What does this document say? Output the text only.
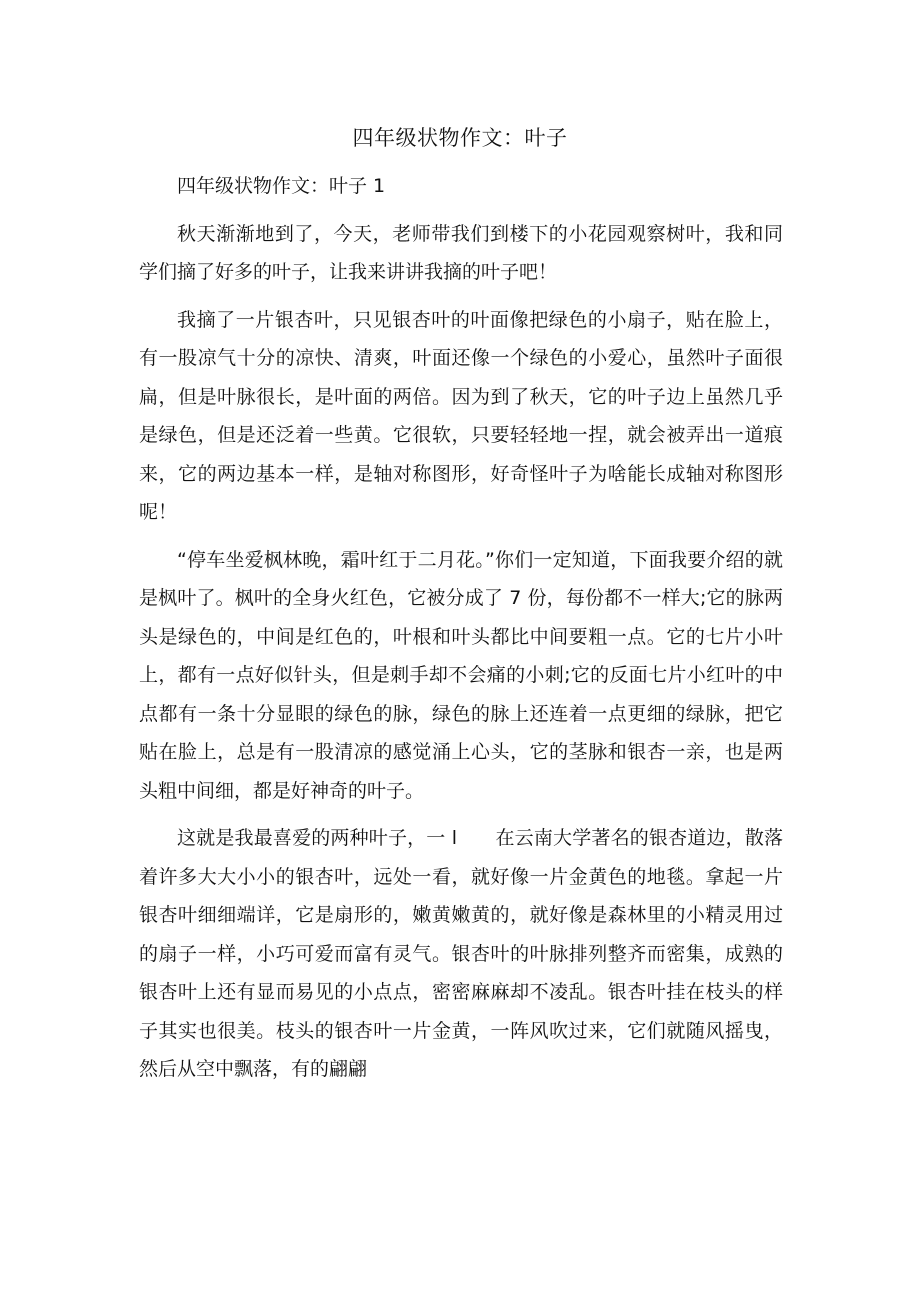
四年级状物作文：叶子

四年级状物作文：叶子 1

秋天渐渐地到了，今天，老师带我们到楼下的小花园观察树叶，我和同学们摘了好多的叶子，让我来讲讲我摘的叶子吧！

我摘了一片银杏叶，只见银杏叶的叶面像把绿色的小扇子，贴在脸上，有一股凉气十分的凉快、清爽，叶面还像一个绿色的小爱心，虽然叶子面很扁，但是叶脉很长，是叶面的两倍。因为到了秋天，它的叶子边上虽然几乎是绿色，但是还泛着一些黄。它很软，只要轻轻地一捏，就会被弄出一道痕来，它的两边基本一样，是轴对称图形，好奇怪叶子为啥能长成轴对称图形呢！

“停车坐爱枫林晚，霜叶红于二月花。”你们一定知道，下面我要介绍的就是枫叶了。枫叶的全身火红色，它被分成了 7 份，每份都不一样大;它的脉两头是绿色的，中间是红色的，叶根和叶头都比中间要粗一点。它的七片小叶上，都有一点好似针头，但是刺手却不会痛的小刺;它的反面七片小红叶的中点都有一条十分显眼的绿色的脉，绿色的脉上还连着一点更细的绿脉，把它贴在脸上，总是有一股清凉的感觉涌上心头，它的茎脉和银杏一亲，也是两头粗中间细，都是好神奇的叶子。

这就是我最喜爱的两种叶子，一 l　　在云南大学著名的银杏道边，散落着许多大大小小的银杏叶，远处一看，就好像一片金黄色的地毯。拿起一片银杏叶细细端详，它是扇形的，嫩黄嫩黄的，就好像是森林里的小精灵用过的扇子一样，小巧可爱而富有灵气。银杏叶的叶脉排列整齐而密集，成熟的银杏叶上还有显而易见的小点点，密密麻麻却不凌乱。银杏叶挂在枝头的样子其实也很美。枝头的银杏叶一片金黄，一阵风吹过来，它们就随风摇曳，然后从空中飘落，有的翩翩
